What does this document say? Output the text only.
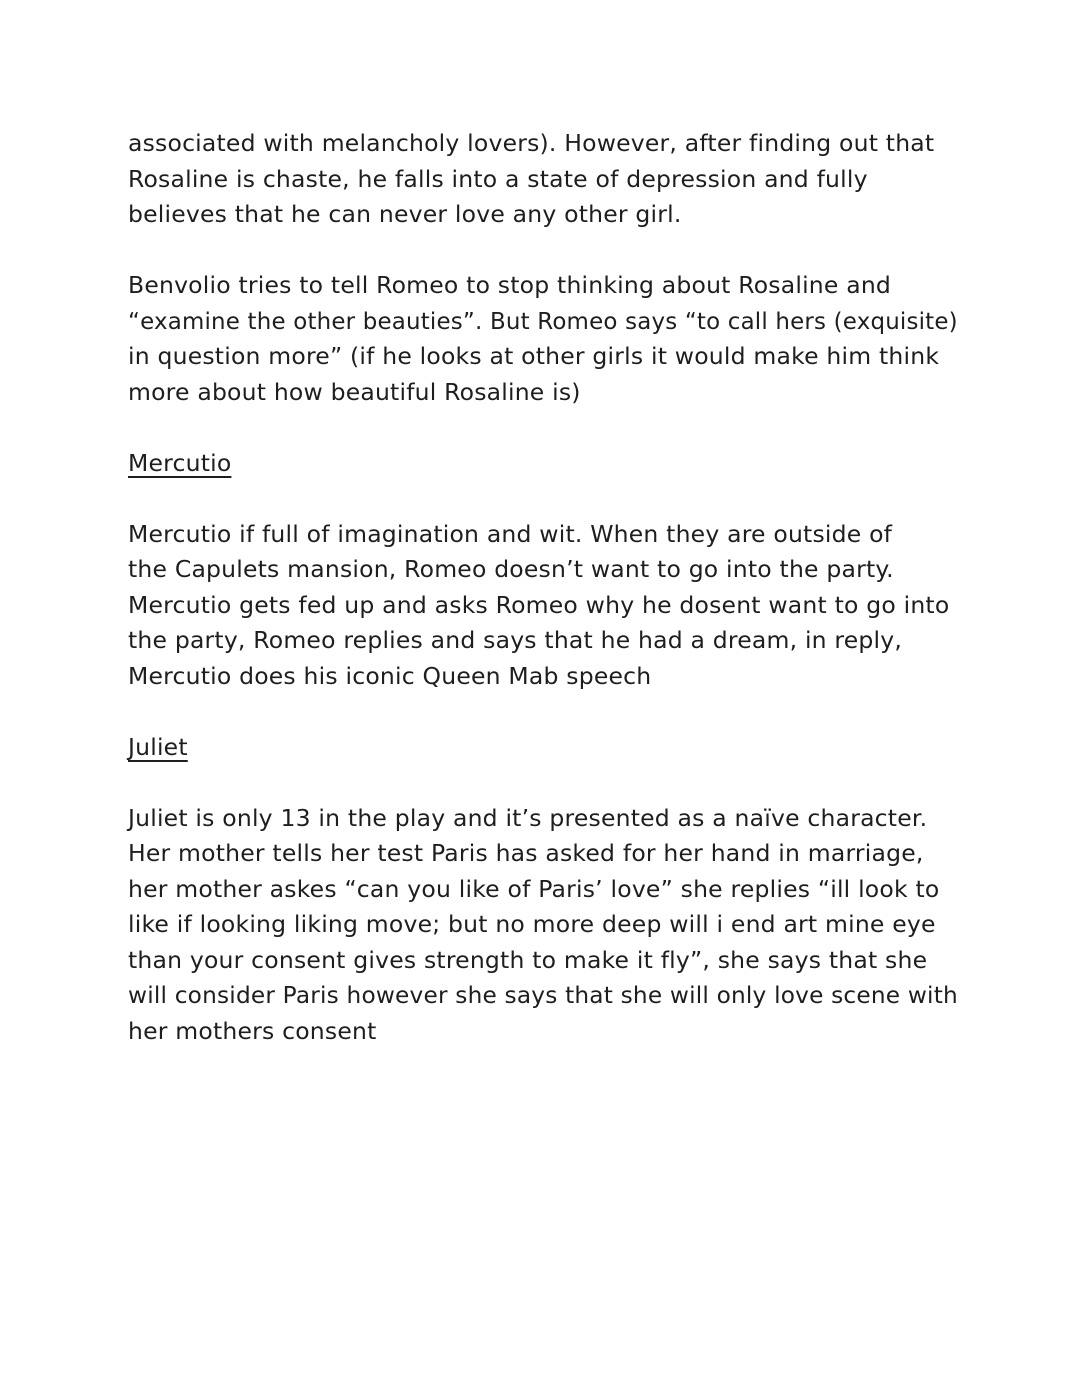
associated with melancholy lovers). However, after finding out that
Rosaline is chaste, he falls into a state of depression and fully
believes that he can never love any other girl.
Benvolio tries to tell Romeo to stop thinking about Rosaline and
“examine the other beauties”. But Romeo says “to call hers (exquisite)
in question more” (if he looks at other girls it would make him think
more about how beautiful Rosaline is)
Mercutio
Mercutio if full of imagination and wit. When they are outside of
the Capulets mansion, Romeo doesn’t want to go into the party.
Mercutio gets fed up and asks Romeo why he dosent want to go into
the party, Romeo replies and says that he had a dream, in reply,
Mercutio does his iconic Queen Mab speech
Juliet
Juliet is only 13 in the play and it’s presented as a naïve character.
Her mother tells her test Paris has asked for her hand in marriage,
her mother askes “can you like of Paris’ love” she replies “ill look to
like if looking liking move; but no more deep will i end art mine eye
than your consent gives strength to make it fly”, she says that she
will consider Paris however she says that she will only love scene with
her mothers consent
